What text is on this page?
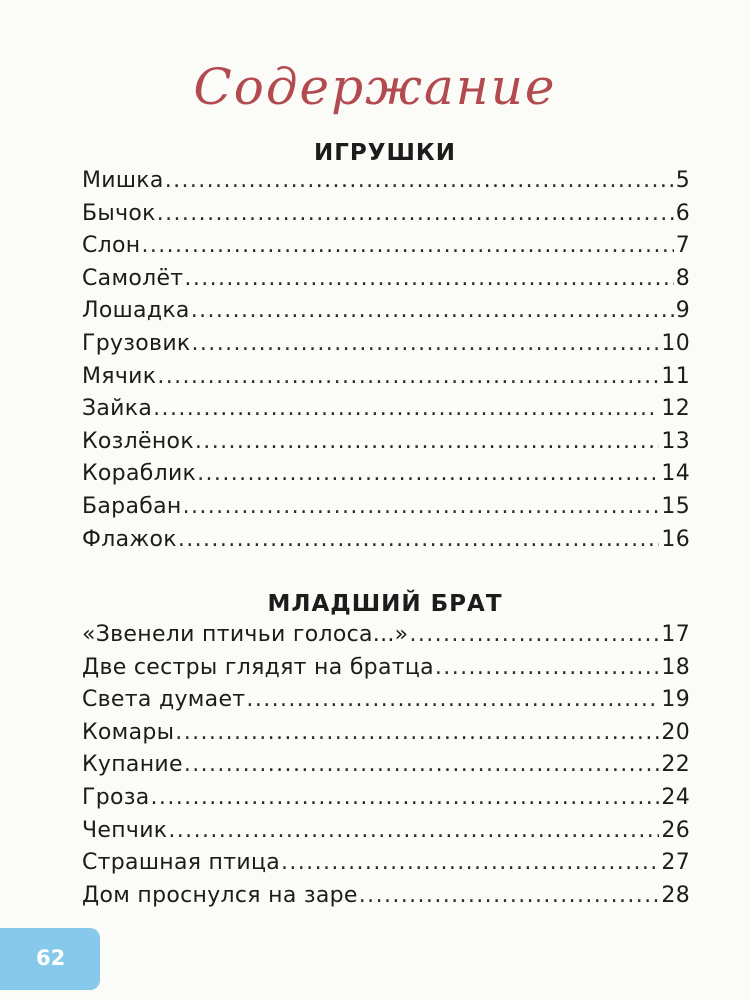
Содержание
ИГРУШКИ
Мишка .....	5
Бычок .....	6
Слон .....	7
Самолёт .....	8
Лошадка .....	9
Грузовик .....	10
Мячик .....	11
Зайка .....	12
Козлёнок .....	13
Кораблик .....	14
Барабан .....	15
Флажок .....	16
МЛАДШИЙ БРАТ
«Звенели птичьи голоса...» .....	17
Две сестры глядят на братца .....	18
Света думает .....	19
Комары .....	20
Купание .....	22
Гроза .....	24
Чепчик .....	26
Страшная птица .....	27
Дом проснулся на заре .....	28
62
